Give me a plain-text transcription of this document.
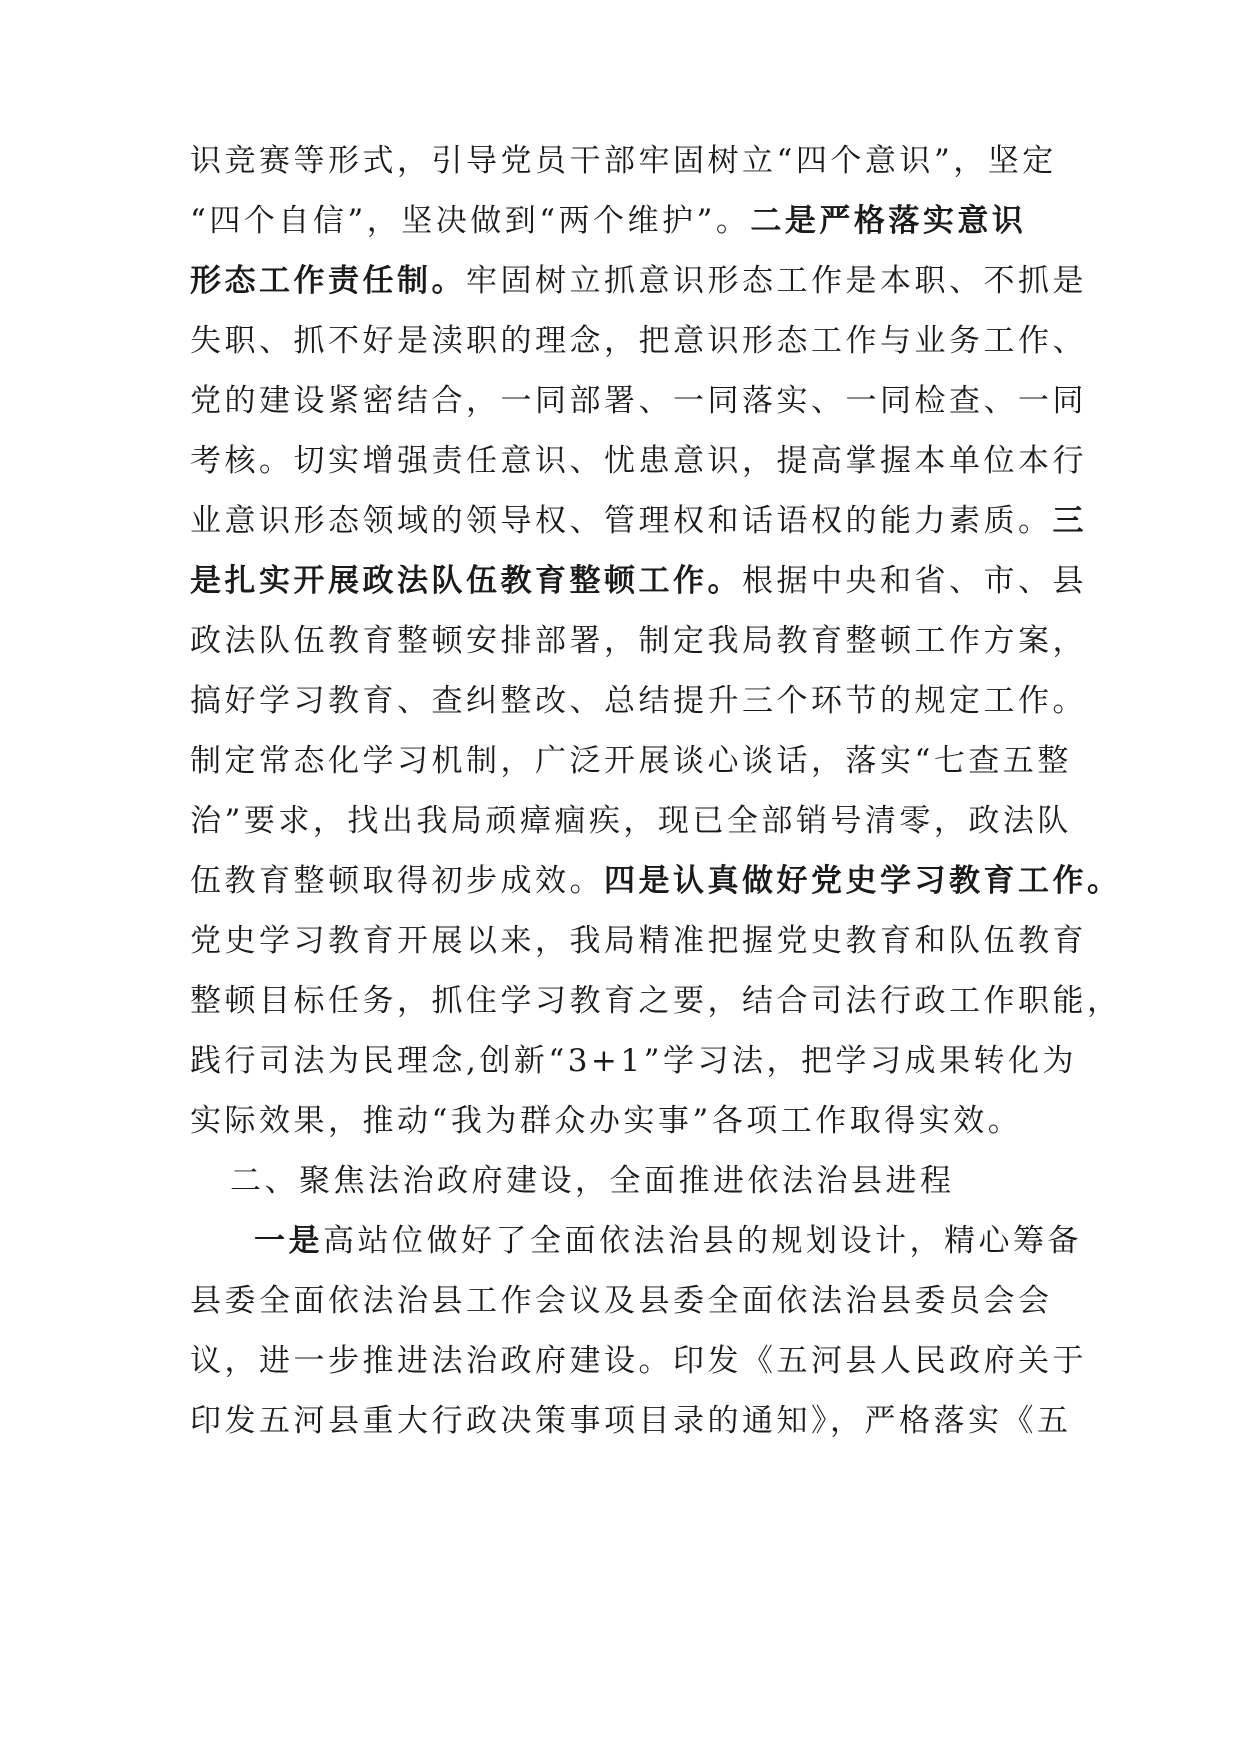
识竞赛等形式，引导党员干部牢固树立“四个意识”，坚定
“四个自信”，坚决做到“两个维护”。二是严格落实意识
形态工作责任制。牢固树立抓意识形态工作是本职、不抓是
失职、抓不好是渎职的理念，把意识形态工作与业务工作、
党的建设紧密结合，一同部署、一同落实、一同检查、一同
考核。切实增强责任意识、忧患意识，提高掌握本单位本行
业意识形态领域的领导权、管理权和话语权的能力素质。三
是扎实开展政法队伍教育整顿工作。根据中央和省、市、县
政法队伍教育整顿安排部署，制定我局教育整顿工作方案，
搞好学习教育、查纠整改、总结提升三个环节的规定工作。
制定常态化学习机制，广泛开展谈心谈话，落实“七查五整
治”要求，找出我局顽瘴痼疾，现已全部销号清零，政法队
伍教育整顿取得初步成效。四是认真做好党史学习教育工作。
党史学习教育开展以来，我局精准把握党史教育和队伍教育
整顿目标任务，抓住学习教育之要，结合司法行政工作职能，
践行司法为民理念,创新“3+1”学习法，把学习成果转化为
实际效果，推动“我为群众办实事”各项工作取得实效。
二、聚焦法治政府建设，全面推进依法治县进程
一是高站位做好了全面依法治县的规划设计，精心筹备
县委全面依法治县工作会议及县委全面依法治县委员会会
议，进一步推进法治政府建设。印发《五河县人民政府关于
印发五河县重大行政决策事项目录的通知》，严格落实《五
